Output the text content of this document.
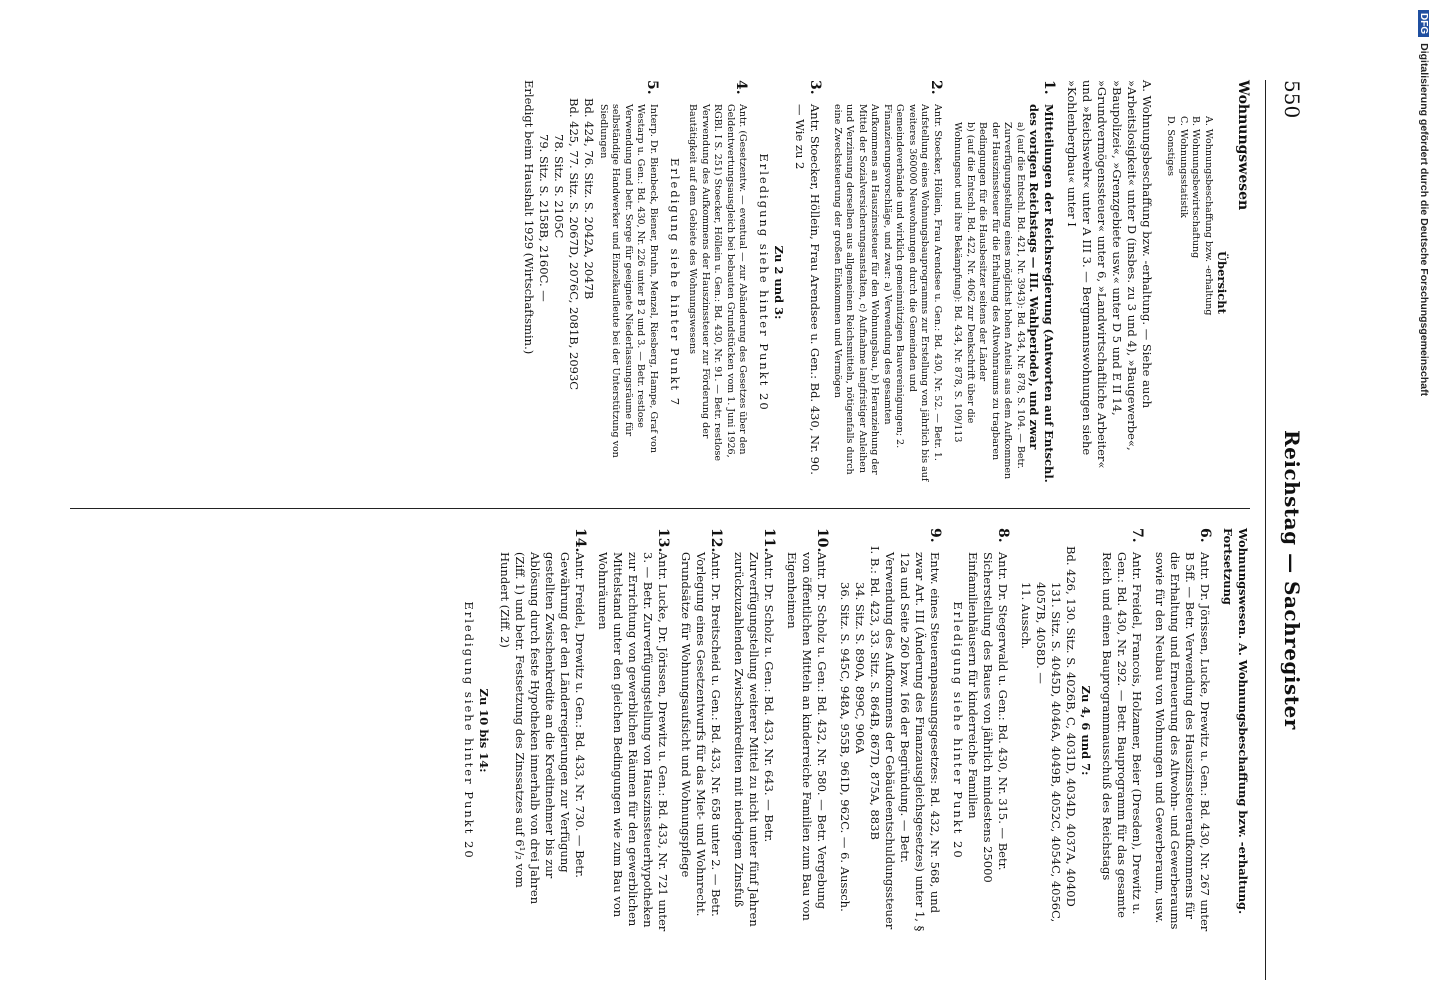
550
Reichstag — Sachregister
Wohnungswesen
Übersicht
A. Wohnungsbeschaffung bzw. -erhaltung
B. Wohnungsbewirtschaftung
C. Wohnungsstatistik
D. Sonstiges

A. Wohnungsbeschaffung bzw. -erhaltung. — Siehe auch »Arbeitslosigkeit« unter D (insbes. zu 3 und 4), »Baugewerbe«, »Baupolizei«, »Grenzgebiete usw.« unter D 5 und E II 14, »Grundvermögenssteuer« unter 6, »Landwirtschaftliche Arbeiter« und »Reichswehr« unter A III 3. — Bergmannswohnungen siehe »Kohlenbergbau« unter I

1.
Mitteilungen der Reichsregierung (Antworten auf Entschl. des vorigen Reichstags — III. Wahlperiode), und zwar
a) (auf die Entschl. Bd. 421, Nr. 3943): Bd. 434, Nr. 878, S. 104. — Betr. Zurverfügungstellung eines möglichst hohen Anteils aus dem Aufkommen der Hauszinssteuer für die Erhaltung des Altwohnraums zu tragbaren Bedingungen für die Hausbesitzer seitens der Länder
b) (auf die Entschl. Bd. 422, Nr. 4062 zur Denkschrift über die Wohnungsnot und ihre Bekämpfung): Bd. 434, Nr. 878, S. 109/113
2.
Antr. Stoecker, Höllein, Frau Arendsee u. Gen.: Bd. 430, Nr. 52. — Betr. 1. Aufstellung eines Wohnungsbauprogramms zur Erstellung von jährlich bis auf weiteres 360000 Neuwohnungen durch die Gemeinden und Gemeindeverbände und wirklich gemeinnützigen Bauvereinigungen; 2. Finanzierungsvorschläge, und zwar: a) Verwendung des gesamten Aufkommens an Hauszinssteuer für den Wohnungsbau, b) Heranziehung der Mittel der Sozialversicherungsanstalten, c) Aufnahme langfristiger Anleihen und Verzinsung derselben aus allgemeinen Reichsmitteln, nötigenfalls durch eine Zwecksteuerung der großen Einkommen und Vermögen
3.
Antr. Stoecker, Höllein, Frau Arendsee u. Gen.: Bd. 430, Nr. 90. — Wie zu 2
Zu 2 und 3:
Erledigung siehe hinter Punkt 20
4.
Antr. (Gesetzentw. — eventual — zur Abänderung des Gesetzes über den Geldentwertungsausgleich bei bebauten Grundstücken vom 1. Juni 1926, RGBl. I S. 251) Stoecker, Höllein u. Gen.: Bd. 430, Nr. 91. — Betr. restlose Verwendung des Aufkommens der Hauszinssteuer zur Förderung der Bautätigkeit auf dem Gebiete des Wohnungswesens
Erledigung siehe hinter Punkt 7
5.
Interp. Dr. Bienbeck, Biener, Bruhn, Menzel, Riesberg, Hampe, Graf von Westarp u. Gen.: Bd. 430, Nr. 226 unter B 2 und 3. — Betr. restlose Verwendung und betr. Sorge für geeignete Niederlassungsräume für selbständige Handwerker und Einzelkaufleute bei der Unterstützung von Siedlungen
Bd. 424, 76. Sitz. S. 2042A, 2047B
Bd. 425, 77. Sitz. S. 2067D, 2076C, 2081B, 2093C
78. Sitz. S. 2105C
79. Sitz. S. 2158B, 2160C. —
Erledigt beim Haushalt 1929 (Wirtschaftsmin.)
Wohnungswesen. A. Wohnungsbeschaffung bzw. -erhaltung. Fortsetzung
6.
Antr. Dr. Jörissen, Lucke, Drewitz u. Gen.: Bd. 430, Nr. 267 unter B 5ff. — Betr. Verwendung des Hauszinssteueraufkommens für die Erhaltung und Erneuerung des Altwohn- und Gewerberaums sowie für den Neubau von Wohnungen und Gewerberaum, usw.
7.
Antr. Freidel, Francois, Holzamer, Beier (Dresden), Drewitz u. Gen.: Bd. 430, Nr. 292. — Betr. Bauprogramm für das gesamte Reich und einen Bauprogrammausschuß des Reichstags
Zu 4, 6 und 7:
Bd. 426, 130. Sitz. S. 4026B, C, 4031D, 4034D, 4037A, 4040D
131. Sitz. S. 4045D, 4046A, 4049B, 4052C, 4054C, 4056C, 4057B, 4058D. —
11. Aussch.
8.
Antr. Dr. Stegerwald u. Gen.: Bd. 430, Nr. 315. — Betr. Sicherstellung des Baues von jährlich mindestens 25000 Einfamilienhäusern für kinderreiche Familien
Erledigung siehe hinter Punkt 20
9.
Entw. eines Steueranpassungsgesetzes: Bd. 432, Nr. 568, und zwar Art. III (Änderung des Finanzausgleichsgesetzes) unter 1, § 12a und Seite 260 bzw. 166 der Begründung. — Betr. Verwendung des Aufkommens der Gebäudeentschuldungssteuer
I. B.: Bd. 423, 33. Sitz. S. 864B, 867D, 875A, 883B
34. Sitz. S. 890A, 899C, 906A
36. Sitz. S. 945C, 948A, 955B, 961D, 962C. — 6. Aussch.
10.
Antr. Dr. Scholz u. Gen.: Bd. 432, Nr. 580. — Betr. Vergebung von öffentlichen Mitteln an kinderreiche Familien zum Bau von Eigenheimen
11.
Antr. Dr. Scholz u. Gen.: Bd. 433, Nr. 643. — Betr. Zurverfügungstellung weiterer Mittel zu nicht unter fünf Jahren zurückzuzahlenden Zwischenkrediten mit niedrigem Zinsfuß
12.
Antr. Dr. Breitscheid u. Gen.: Bd. 433, Nr. 658 unter 2. — Betr. Vorlegung eines Gesetzentwurfs für das Miet- und Wohnrecht. Grundsätze für Wohnungsaufsicht und Wohnungspflege
13.
Antr. Lucke, Dr. Jörissen, Drewitz u. Gen.: Bd. 433, Nr. 721 unter 3. — Betr. Zurverfügungstellung von Hauszinssteuerhypotheken zur Errichtung von gewerblichen Räumen für den gewerblichen Mittelstand unter den gleichen Bedingungen wie zum Bau von Wohnräumen
14.
Antr. Freidel, Drewitz u. Gen.: Bd. 433, Nr. 730. — Betr. Gewährung der den Länderregierungen zur Verfügung gestellten Zwischenkredite an die Kreditnehmer bis zur Ablösung durch feste Hypotheken innerhalb von drei Jahren (Ziff. 1) und betr. Festsetzung des Zinssatzes auf 6¹/₂ vom Hundert (Ziff. 2)
Zu 10 bis 14:
Erledigung siehe hinter Punkt 20
DFGDigitalisierung gefördert durch die Deutsche Forschungsgemeinschaft
